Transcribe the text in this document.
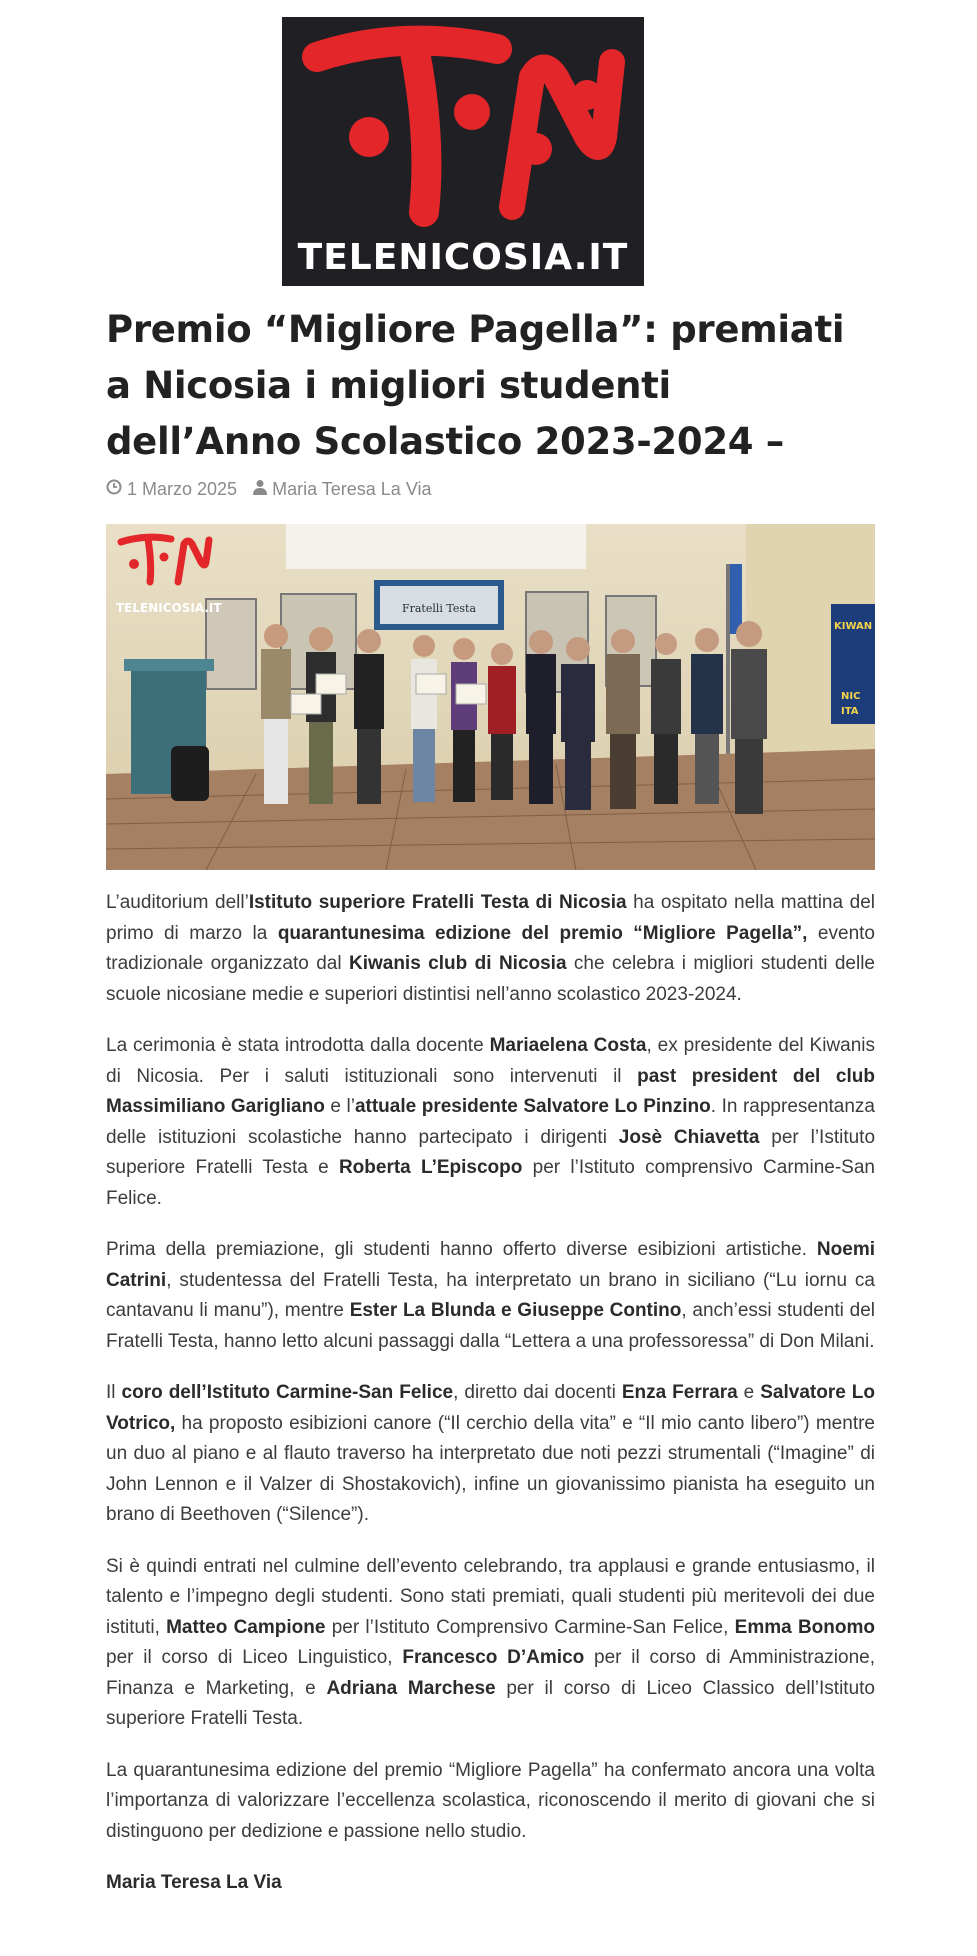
TELENICOSIA.IT
Premio “Migliore Pagella”: premiati a Nicosia i migliori studenti dell’Anno Scolastico 2023-2024 –
1 Marzo 2025 Maria Teresa La Via
Fratelli Testa
KIWAN
NIC
ITA
TELENICOSIA.IT

L’auditorium dell’Istituto superiore Fratelli Testa di Nicosia ha ospitato nella mattina del primo di marzo la quarantunesima edizione del premio “Migliore Pagella”, evento tradizionale organizzato dal Kiwanis club di Nicosia che celebra i migliori studenti delle scuole nicosiane medie e superiori distintisi nell’anno scolastico 2023-2024.

La cerimonia è stata introdotta dalla docente Mariaelena Costa, ex presidente del Kiwanis di Nicosia. Per i saluti istituzionali sono intervenuti il past president del club Massimiliano Garigliano e l’attuale presidente Salvatore Lo Pinzino. In rappresentanza delle istituzioni scolastiche hanno partecipato i dirigenti Josè Chiavetta per l’Istituto superiore Fratelli Testa e Roberta L’Episcopo per l’Istituto comprensivo Carmine-San Felice.

Prima della premiazione, gli studenti hanno offerto diverse esibizioni artistiche. Noemi Catrini, studentessa del Fratelli Testa, ha interpretato un brano in siciliano (“Lu iornu ca cantavanu li manu”), mentre Ester La Blunda e Giuseppe Contino, anch’essi studenti del Fratelli Testa, hanno letto alcuni passaggi dalla “Lettera a una professoressa” di Don Milani.

Il coro dell’Istituto Carmine-San Felice, diretto dai docenti Enza Ferrara e Salvatore Lo Votrico, ha proposto esibizioni canore (“Il cerchio della vita” e “Il mio canto libero”) mentre un duo al piano e al flauto traverso ha interpretato due noti pezzi strumentali (“Imagine” di John Lennon e il Valzer di Shostakovich), infine un giovanissimo pianista ha eseguito un brano di Beethoven (“Silence”).

Si è quindi entrati nel culmine dell’evento celebrando, tra applausi e grande entusiasmo, il talento e l’impegno degli studenti. Sono stati premiati, quali studenti più meritevoli dei due istituti, Matteo Campione per l’Istituto Comprensivo Carmine-San Felice, Emma Bonomo per il corso di Liceo Linguistico, Francesco D’Amico per il corso di Amministrazione, Finanza e Marketing, e Adriana Marchese per il corso di Liceo Classico dell’Istituto superiore Fratelli Testa.

La quarantunesima edizione del premio “Migliore Pagella” ha confermato ancora una volta l’importanza di valorizzare l’eccellenza scolastica, riconoscendo il merito di giovani che si distinguono per dedizione e passione nello studio.

Maria Teresa La Via
